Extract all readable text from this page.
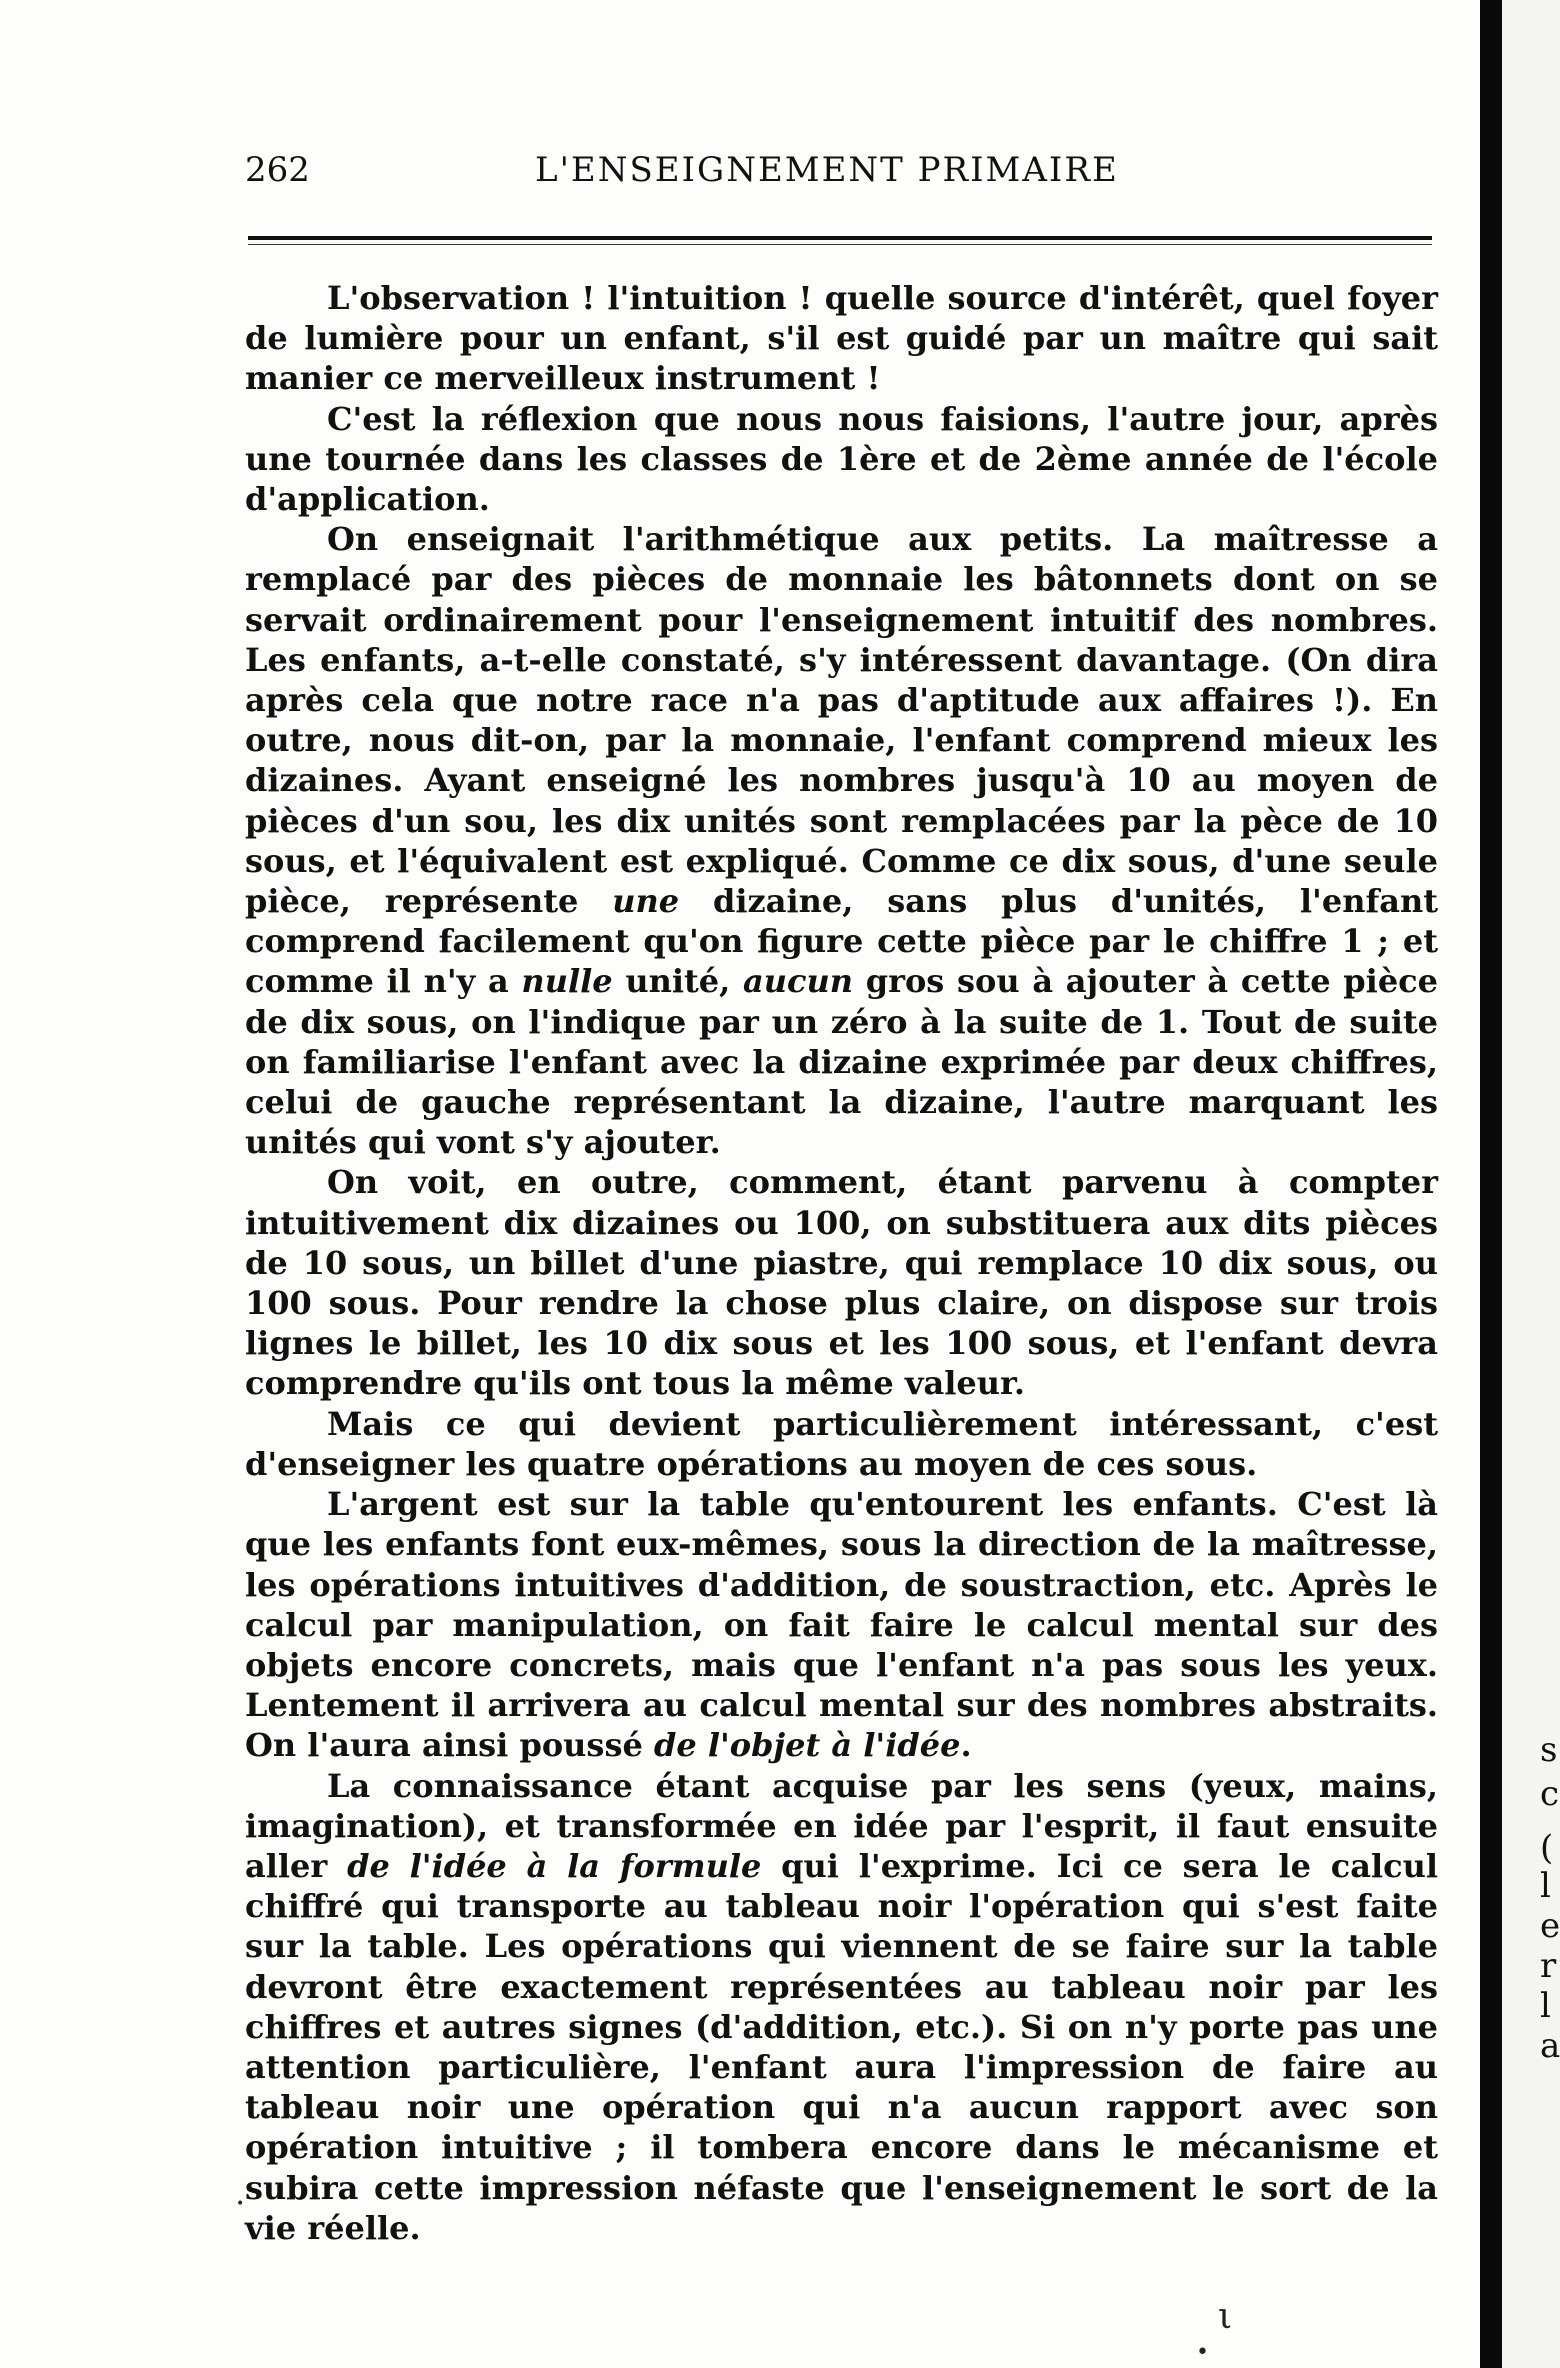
262	L'ENSEIGNEMENT PRIMAIRE

L'observation ! l'intuition ! quelle source d'intérêt, quel foyer de lumière pour un enfant, s'il est guidé par un maître qui sait manier ce merveilleux instrument !

C'est la réflexion que nous nous faisions, l'autre jour, après une tournée dans les classes de 1ère et de 2ème année de l'école d'application.

On enseignait l'arithmétique aux petits. La maîtresse a remplacé par des pièces de monnaie les bâtonnets dont on se servait ordinairement pour l'enseignement intuitif des nombres. Les enfants, a-t-elle constaté, s'y intéressent davantage. (On dira après cela que notre race n'a pas d'aptitude aux affaires !). En outre, nous dit-on, par la monnaie, l'enfant comprend mieux les dizaines. Ayant enseigné les nombres jusqu'à 10 au moyen de pièces d'un sou, les dix unités sont remplacées par la pèce de 10 sous, et l'équivalent est expliqué. Comme ce dix sous, d'une seule pièce, représente une dizaine, sans plus d'unités, l'enfant comprend facilement qu'on figure cette pièce par le chiffre 1 ; et comme il n'y a nulle unité, aucun gros sou à ajouter à cette pièce de dix sous, on l'indique par un zéro à la suite de 1. Tout de suite on familiarise l'enfant avec la dizaine exprimée par deux chiffres, celui de gauche représentant la dizaine, l'autre marquant les unités qui vont s'y ajouter.

On voit, en outre, comment, étant parvenu à compter intuitivement dix dizaines ou 100, on substituera aux dits pièces de 10 sous, un billet d'une piastre, qui remplace 10 dix sous, ou 100 sous. Pour rendre la chose plus claire, on dispose sur trois lignes le billet, les 10 dix sous et les 100 sous, et l'enfant devra comprendre qu'ils ont tous la même valeur.

Mais ce qui devient particulièrement intéressant, c'est d'enseigner les quatre opérations au moyen de ces sous.

L'argent est sur la table qu'entourent les enfants. C'est là que les enfants font eux-mêmes, sous la direction de la maîtresse, les opérations intuitives d'addition, de soustraction, etc. Après le calcul par manipulation, on fait faire le calcul mental sur des objets encore concrets, mais que l'enfant n'a pas sous les yeux. Lentement il arrivera au calcul mental sur des nombres abstraits. On l'aura ainsi poussé de l'objet à l'idée.

La connaissance étant acquise par les sens (yeux, mains, imagination), et transformée en idée par l'esprit, il faut ensuite aller de l'idée à la formule qui l'exprime. Ici ce sera le calcul chiffré qui transporte au tableau noir l'opération qui s'est faite sur la table. Les opérations qui viennent de se faire sur la table devront être exactement représentées au tableau noir par les chiffres et autres signes (d'addition, etc.). Si on n'y porte pas une attention particulière, l'enfant aura l'impression de faire au tableau noir une opération qui n'a aucun rapport avec son opération intuitive ; il tombera encore dans le mécanisme et subira cette impression néfaste que l'enseignement le sort de la vie réelle.

ι
•
•
s
c
(
l
e
r
l
a
